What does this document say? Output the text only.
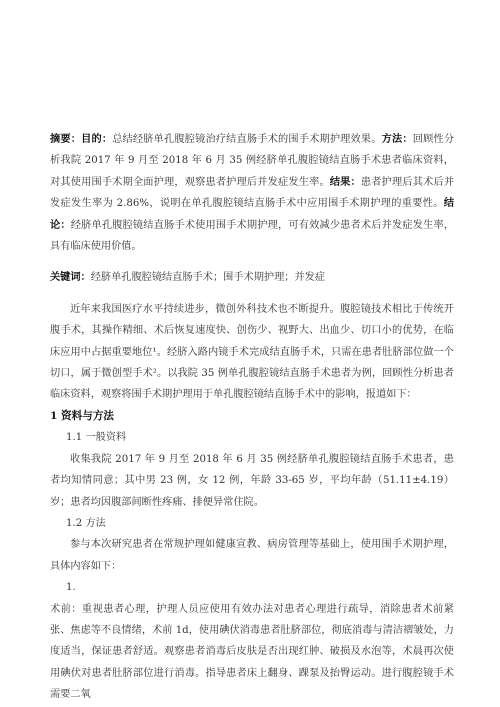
摘要：目的：总结经脐单孔腹腔镜治疗结直肠手术的围手术期护理效果。方法：回顾性分析我院 2017 年 9 月至 2018 年 6 月 35 例经脐单孔腹腔镜结直肠手术患者临床资料，对其使用围手术期全面护理，观察患者护理后并发症发生率。结果：患者护理后其术后并发症发生率为 2.86%，说明在单孔腹腔镜结直肠手术中应用围手术期护理的重要性。结论：经脐单孔腹腔镜结直肠手术使用围手术期护理，可有效减少患者术后并发症发生率，具有临床使用价值。

关键词：经脐单孔腹腔镜结直肠手术；围手术期护理；并发症

近年来我国医疗水平持续进步，微创外科技术也不断提升。腹腔镜技术相比于传统开腹手术，其操作精细、术后恢复速度快、创伤少、视野大、出血少、切口小的优势，在临床应用中占据重要地位¹。经脐入路内镜手术完成结直肠手术，只需在患者肚脐部位做一个切口，属于微创型手术²。以我院 35 例单孔腹腔镜结直肠手术患者为例，回顾性分析患者临床资料，观察将围手术期护理用于单孔腹腔镜结直肠手术中的影响，报道如下：

1 资料与方法

1.1 一般资料

收集我院 2017 年 9 月至 2018 年 6 月 35 例经脐单孔腹腔镜结直肠手术患者，患者均知情同意；其中男 23 例，女 12 例，年龄 33-65 岁，平均年龄（51.11±4.19）岁；患者均因腹部间断性疼痛、排便异常住院。

1.2 方法

参与本次研究患者在常规护理如健康宣教、病房管理等基础上，使用围手术期护理，具体内容如下：

1.

术前：重视患者心理，护理人员应使用有效办法对患者心理进行疏导，消除患者术前紧张、焦虑等不良情绪，术前 1d，使用碘伏消毒患者肚脐部位，彻底消毒与清洁褶皱处，力度适当，保证患者舒适。观察患者消毒后皮肤是否出现红肿、破损及水泡等，术晨再次使用碘伏对患者肚脐部位进行消毒。指导患者床上翻身、踝泵及抬臀运动。进行腹腔镜手术需要二氧
